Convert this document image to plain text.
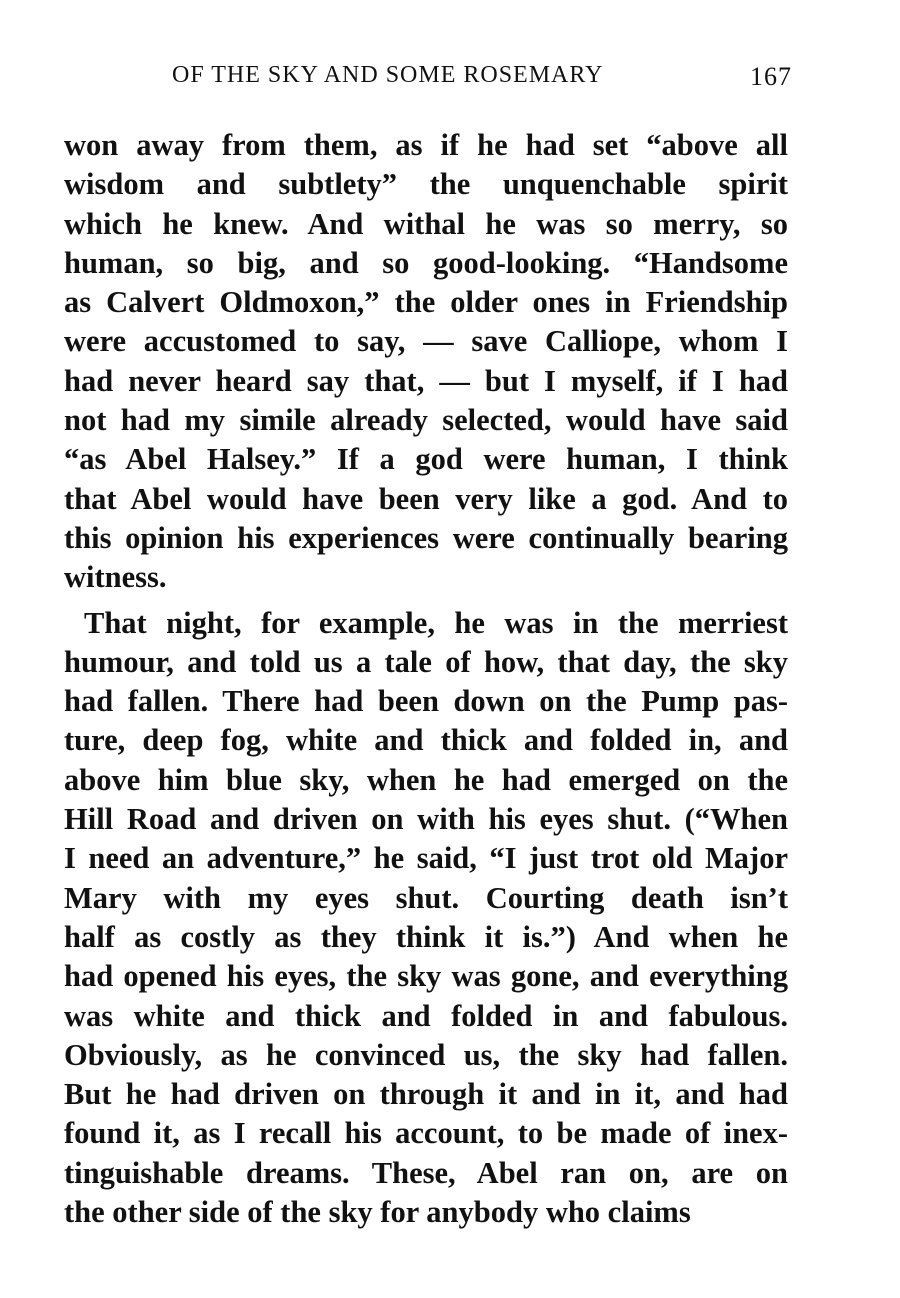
OF THE SKY AND SOME ROSEMARY	167
won away from them, as if he had set “above all
wisdom and subtlety” the unquenchable spirit
which he knew. And withal he was so merry, so
human, so big, and so good-looking. “Handsome
as Calvert Oldmoxon,” the older ones in Friendship
were accustomed to say, — save Calliope, whom I
had never heard say that, — but I myself, if I had
not had my simile already selected, would have said
“as Abel Halsey.” If a god were human, I think
that Abel would have been very like a god. And to
this opinion his experiences were continually bearing
witness.
That night, for example, he was in the merriest
humour, and told us a tale of how, that day, the sky
had fallen. There had been down on the Pump pas-
ture, deep fog, white and thick and folded in, and
above him blue sky, when he had emerged on the
Hill Road and driven on with his eyes shut. (“When
I need an adventure,” he said, “I just trot old Major
Mary with my eyes shut. Courting death isn’t
half as costly as they think it is.”) And when he
had opened his eyes, the sky was gone, and everything
was white and thick and folded in and fabulous.
Obviously, as he convinced us, the sky had fallen.
But he had driven on through it and in it, and had
found it, as I recall his account, to be made of inex-
tinguishable dreams. These, Abel ran on, are on
the other side of the sky for anybody who claims
